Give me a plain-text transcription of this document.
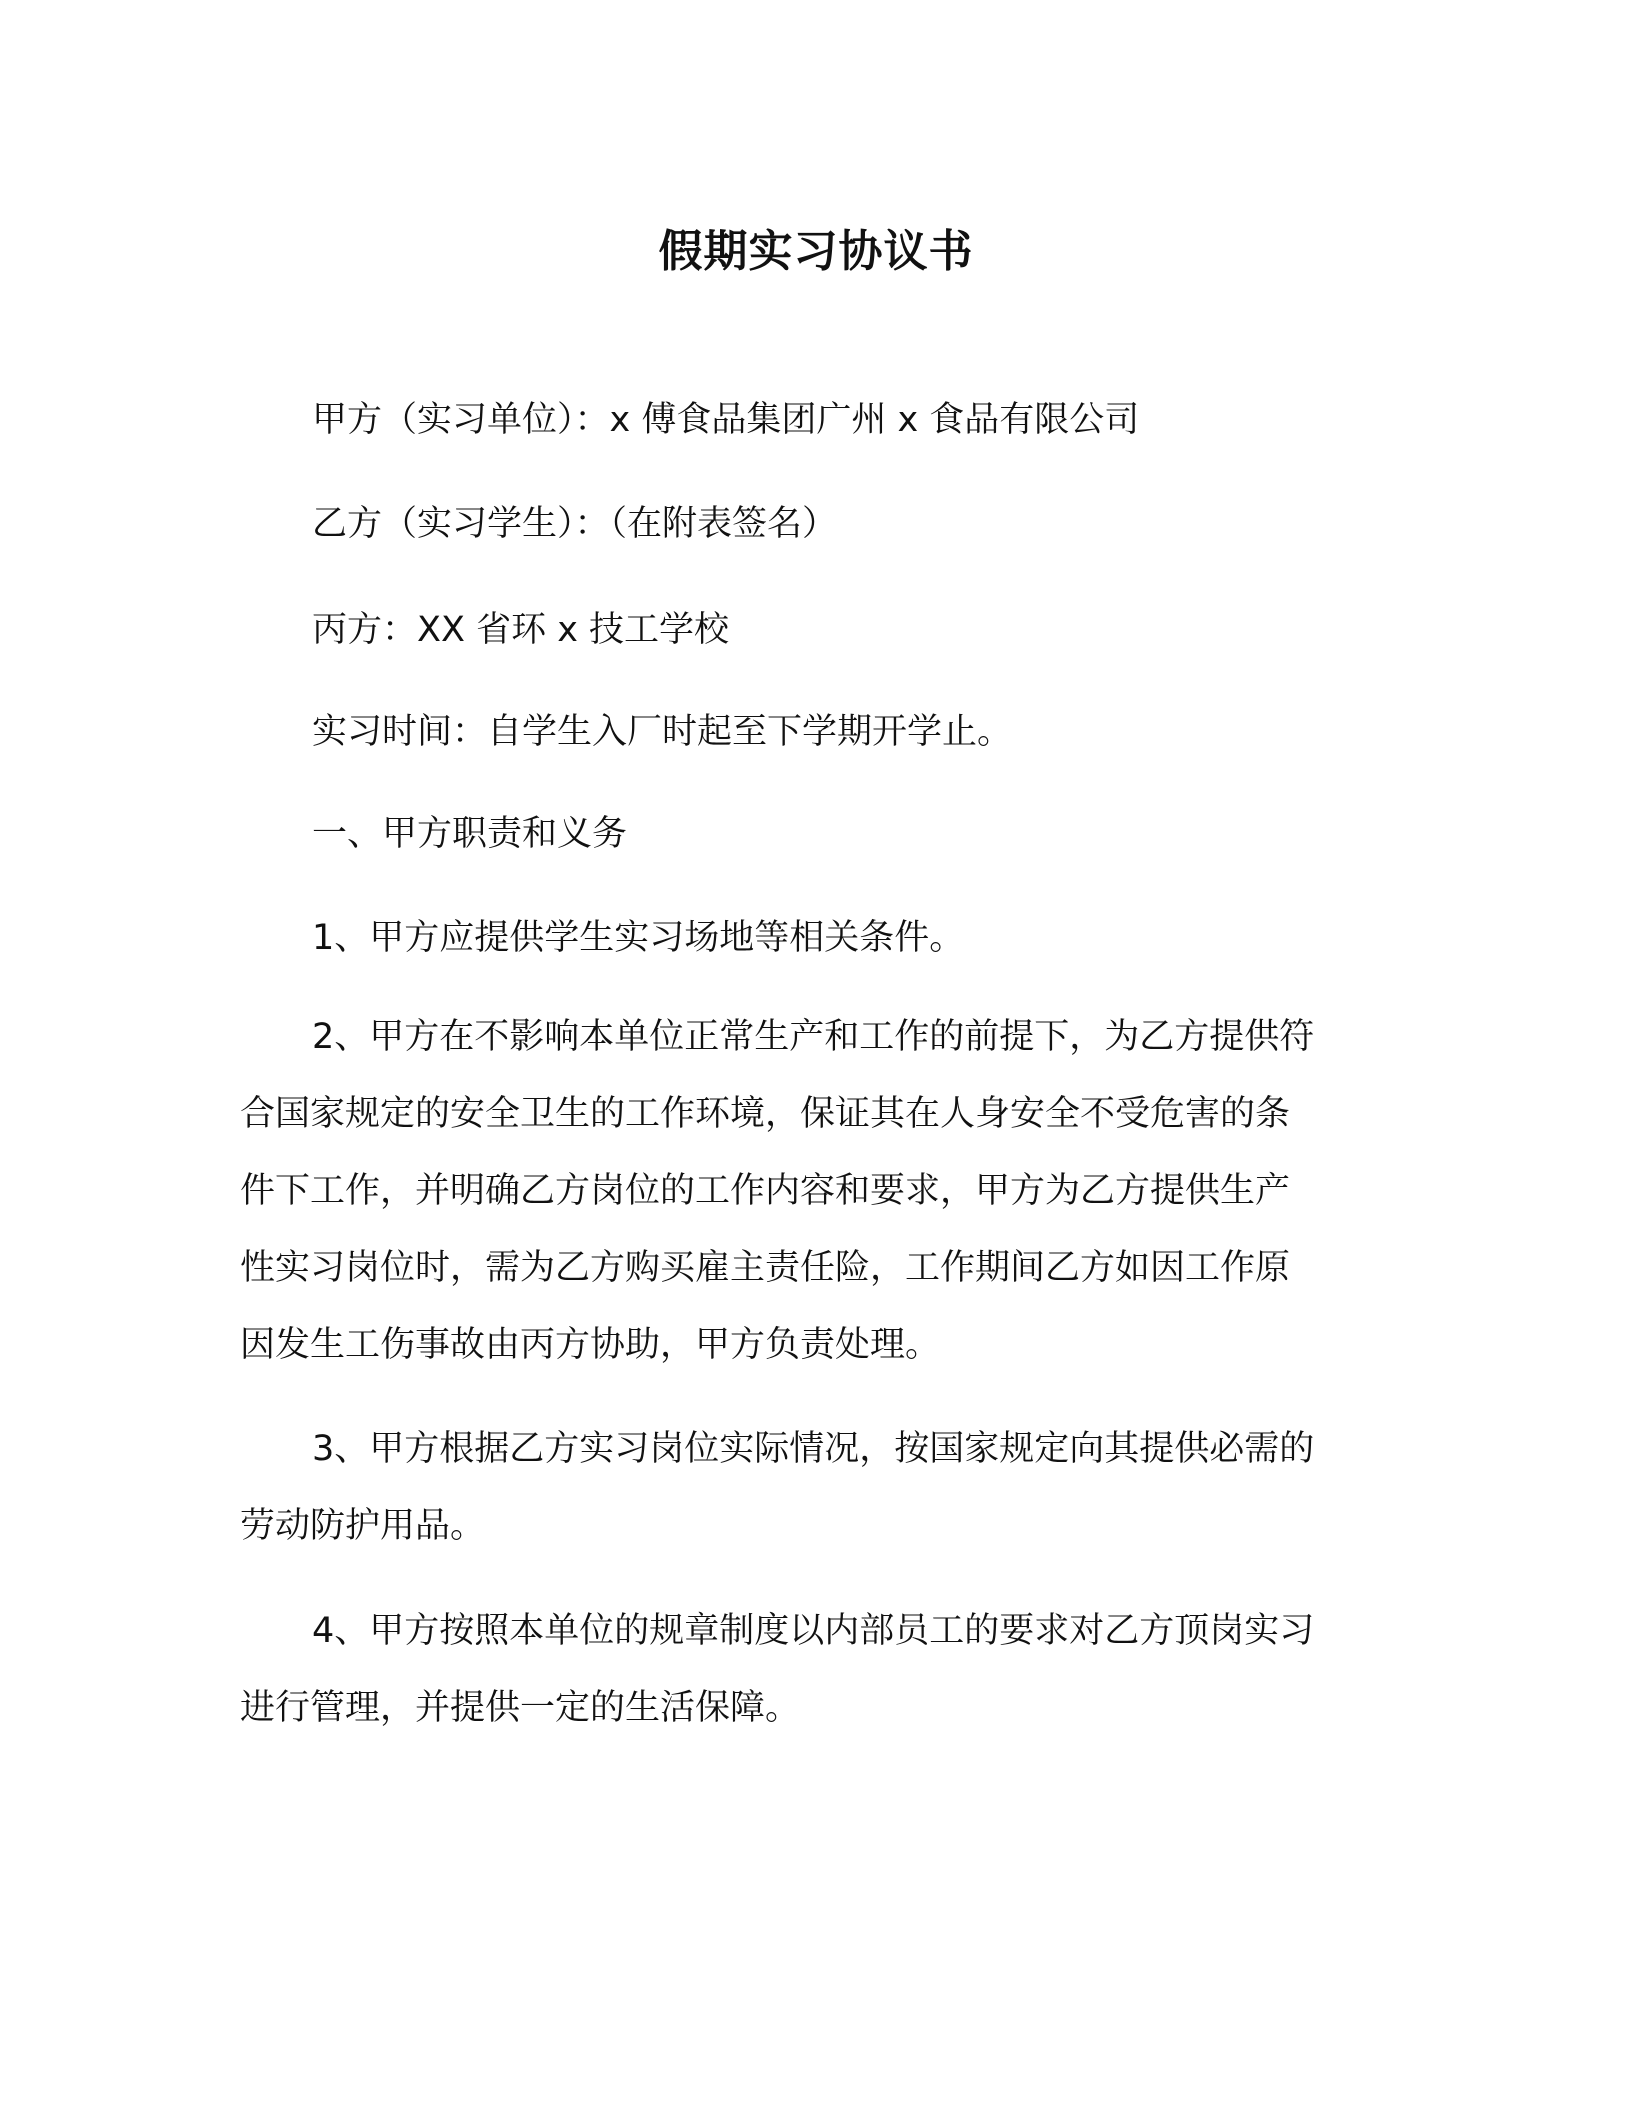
假期实习协议书
甲方（实习单位）：x 傅食品集团广州 x 食品有限公司
乙方（实习学生）：（在附表签名）
丙方：XX 省环 x 技工学校
实习时间：自学生入厂时起至下学期开学止。
一、甲方职责和义务
1、甲方应提供学生实习场地等相关条件。
2、甲方在不影响本单位正常生产和工作的前提下，为乙方提供符
合国家规定的安全卫生的工作环境，保证其在人身安全不受危害的条
件下工作，并明确乙方岗位的工作内容和要求，甲方为乙方提供生产
性实习岗位时，需为乙方购买雇主责任险，工作期间乙方如因工作原
因发生工伤事故由丙方协助，甲方负责处理。
3、甲方根据乙方实习岗位实际情况，按国家规定向其提供必需的
劳动防护用品。
4、甲方按照本单位的规章制度以内部员工的要求对乙方顶岗实习
进行管理，并提供一定的生活保障。
